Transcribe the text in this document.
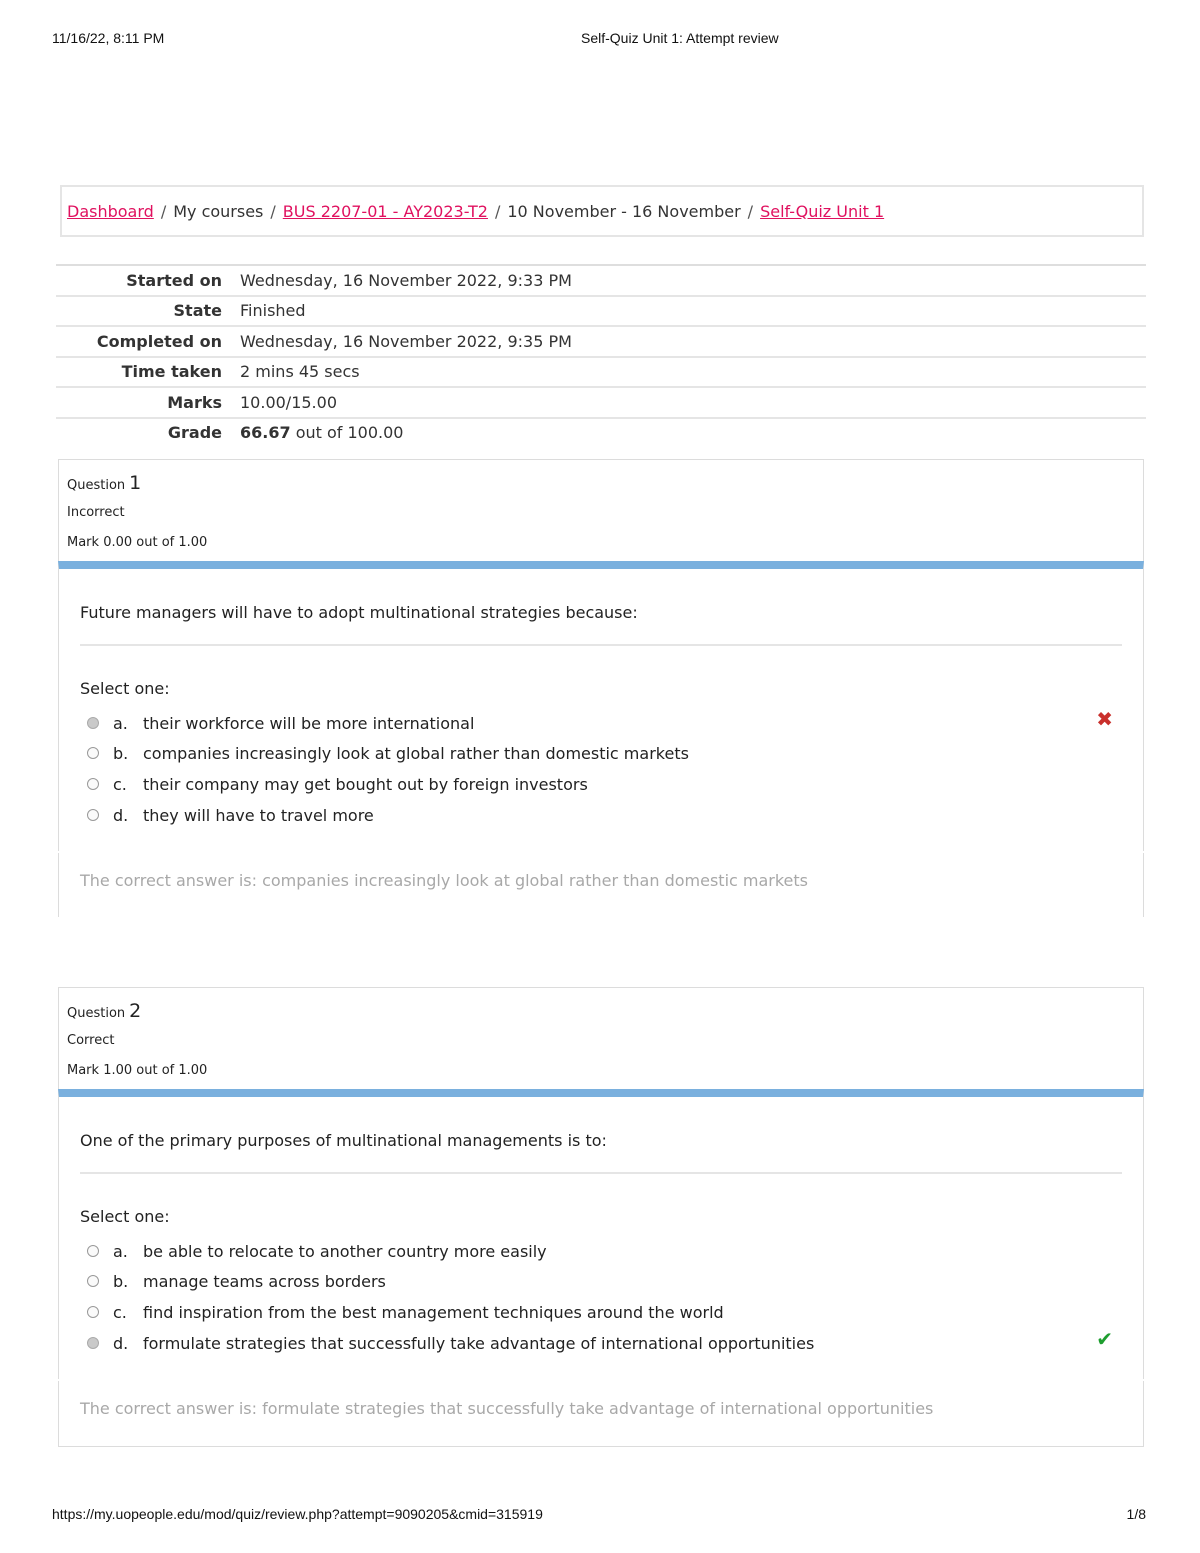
11/16/22, 8:11 PM	Self-Quiz Unit 1: Attempt review
Dashboard / My courses / BUS 2207-01 - AY2023-T2 / 10 November - 16 November / Self-Quiz Unit 1
Started on	Wednesday, 16 November 2022, 9:33 PM
State	Finished
Completed on	Wednesday, 16 November 2022, 9:35 PM
Time taken	2 mins 45 secs
Marks	10.00/15.00
Grade	66.67 out of 100.00
Question 1
Incorrect
Mark 0.00 out of 1.00
Future managers will have to adopt multinational strategies because:
Select one:
a. their workforce will be more international
b. companies increasingly look at global rather than domestic markets
c.	their company may get bought out by foreign investors
d. they will have to travel more
✖
The correct answer is: companies increasingly look at global rather than domestic markets
Question 2
Correct
Mark 1.00 out of 1.00
One of the primary purposes of multinational managements is to:
Select one:
a. be able to relocate to another country more easily
b. manage teams across borders
c.	find inspiration from the best management techniques around the world
d. formulate strategies that successfully take advantage of international opportunities	✔
The correct answer is: formulate strategies that successfully take advantage of international opportunities
https://my.uopeople.edu/mod/quiz/review.php?attempt=9090205&cmid=315919	1/8
